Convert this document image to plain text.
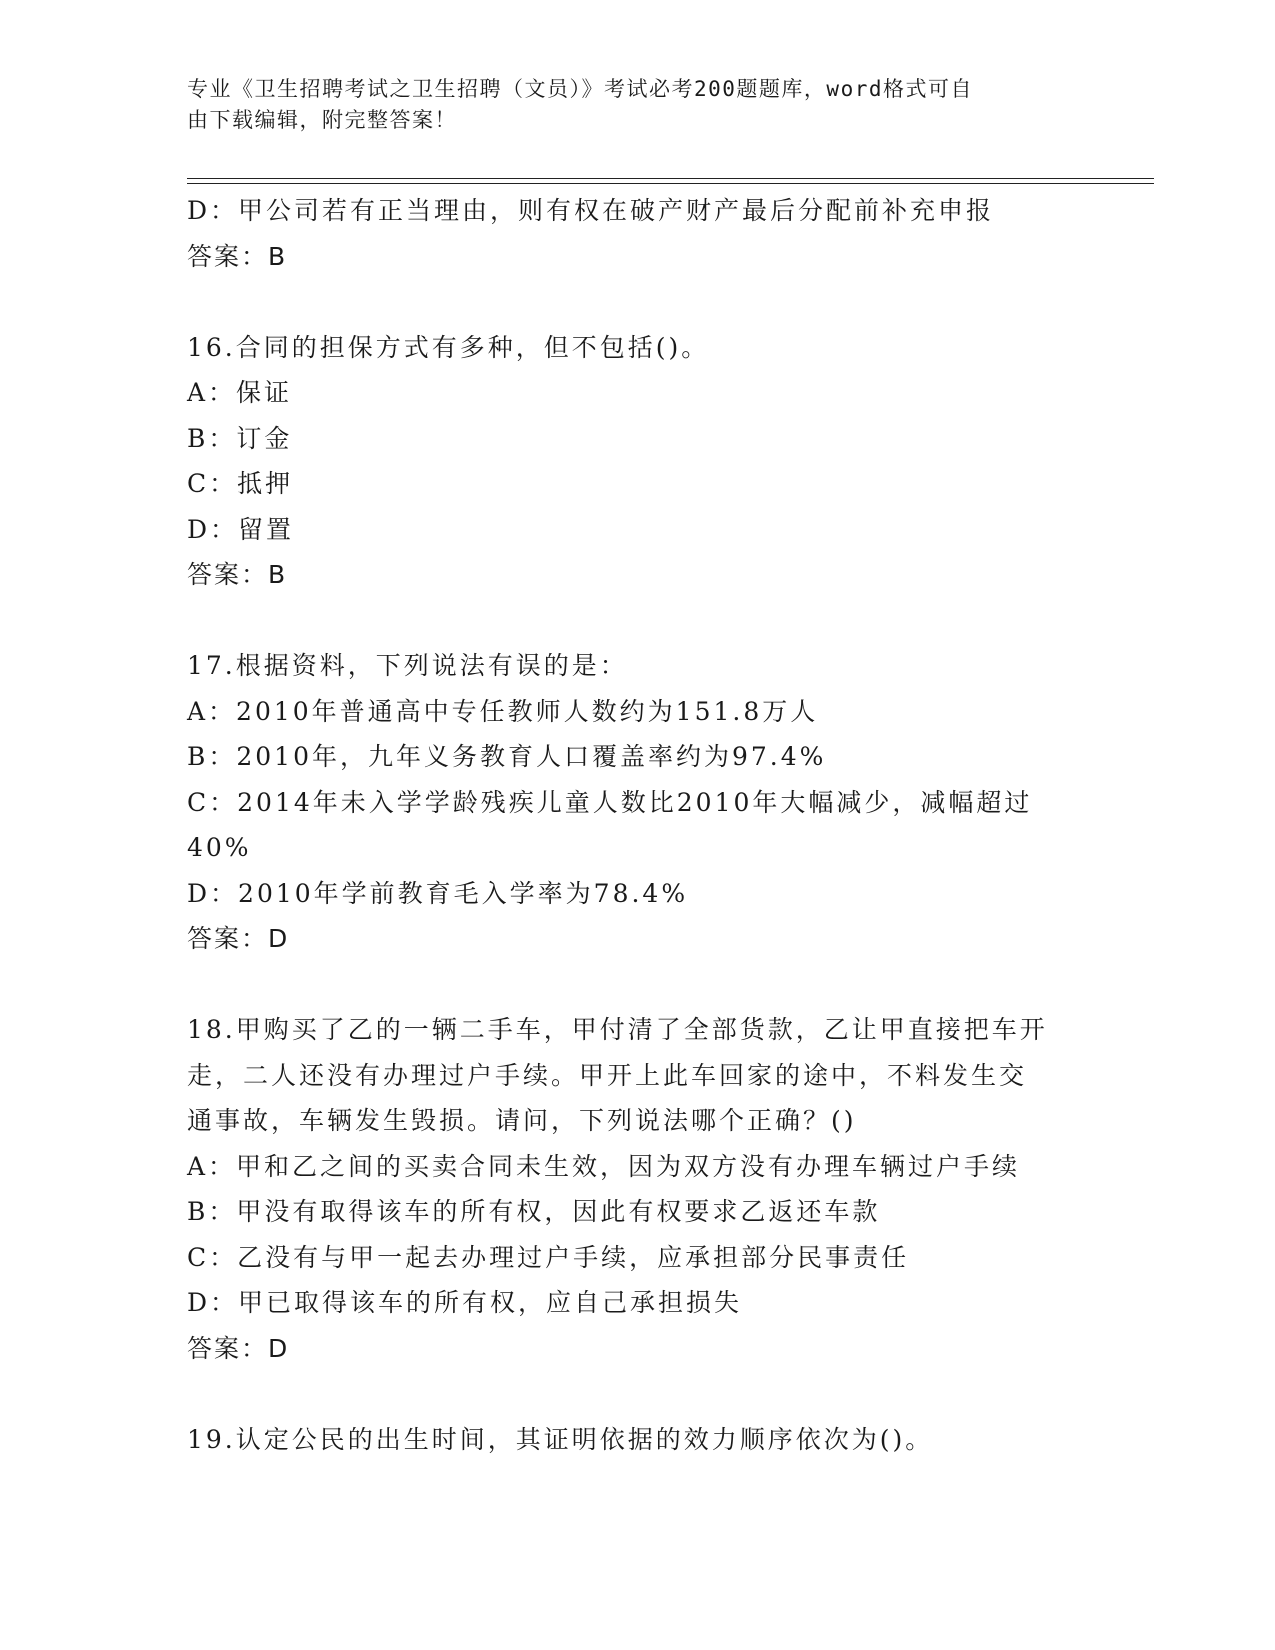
专业《卫生招聘考试之卫生招聘（文员）》考试必考200题题库，word格式可自
由下载编辑，附完整答案！
D：甲公司若有正当理由，则有权在破产财产最后分配前补充申报
答案：B
16.合同的担保方式有多种，但不包括()。
A：保证
B：订金
C：抵押
D：留置
答案：B
17.根据资料，下列说法有误的是：
A：2010年普通高中专任教师人数约为151.8万人
B：2010年，九年义务教育人口覆盖率约为97.4%
C：2014年未入学学龄残疾儿童人数比2010年大幅减少，减幅超过
40%
D：2010年学前教育毛入学率为78.4%
答案：D
18.甲购买了乙的一辆二手车，甲付清了全部货款，乙让甲直接把车开
走，二人还没有办理过户手续。甲开上此车回家的途中，不料发生交
通事故，车辆发生毁损。请问，下列说法哪个正确？()
A：甲和乙之间的买卖合同未生效，因为双方没有办理车辆过户手续
B：甲没有取得该车的所有权，因此有权要求乙返还车款
C：乙没有与甲一起去办理过户手续，应承担部分民事责任
D：甲已取得该车的所有权，应自己承担损失
答案：D
19.认定公民的出生时间，其证明依据的效力顺序依次为()。
